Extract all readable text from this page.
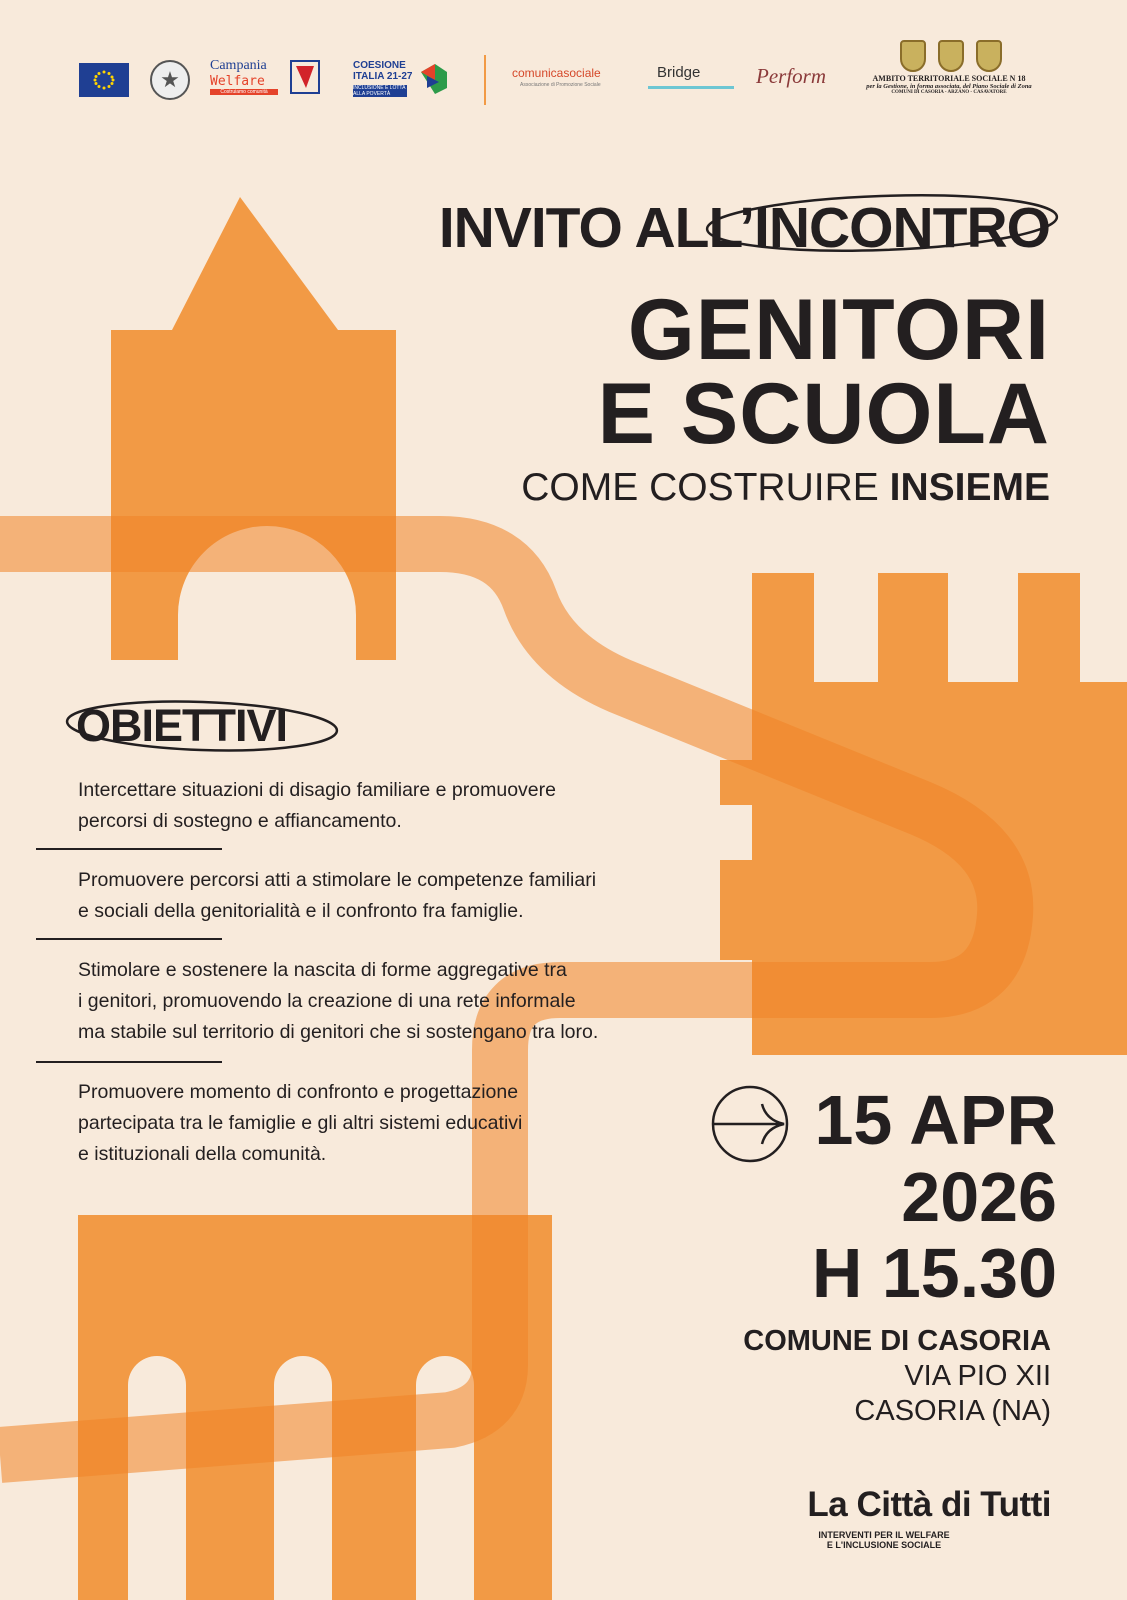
★
Campania
Welfare
Costruiamo comunità
COESIONE ITALIA 21-27
INCLUSIONE E LOTTA ALLA POVERTÀ
comunicasociale
Associazione di Promozione Sociale
Bridge	Perform	AMBITO TERRITORIALE SOCIALE N 18
per la Gestione, in forma associata, del Piano Sociale di Zona
COMUNI DI CASORIA - ARZANO - CASAVATORE
INVITO ALL’INCONTRO
GENITORI
E SCUOLA
COME COSTRUIRE INSIEME
OBIETTIVI
Intercettare situazioni di disagio familiare e promuovere
percorsi di sostegno e affiancamento.
Promuovere percorsi atti a stimolare le competenze familiari
e sociali della genitorialità e il confronto fra famiglie.
Stimolare e sostenere la nascita di forme aggregative tra
i genitori, promuovendo la creazione di una rete informale
ma stabile sul territorio di genitori che si sostengano tra loro.
Promuovere momento di confronto e progettazione
partecipata tra le famiglie e gli altri sistemi educativi
e istituzionali della comunità.	15 APR
2026
H 15.30
COMUNE DI CASORIA
VIA PIO XII
CASORIA (NA)
La Città di Tutti
INTERVENTI PER IL WELFARE
E L'INCLUSIONE SOCIALE
